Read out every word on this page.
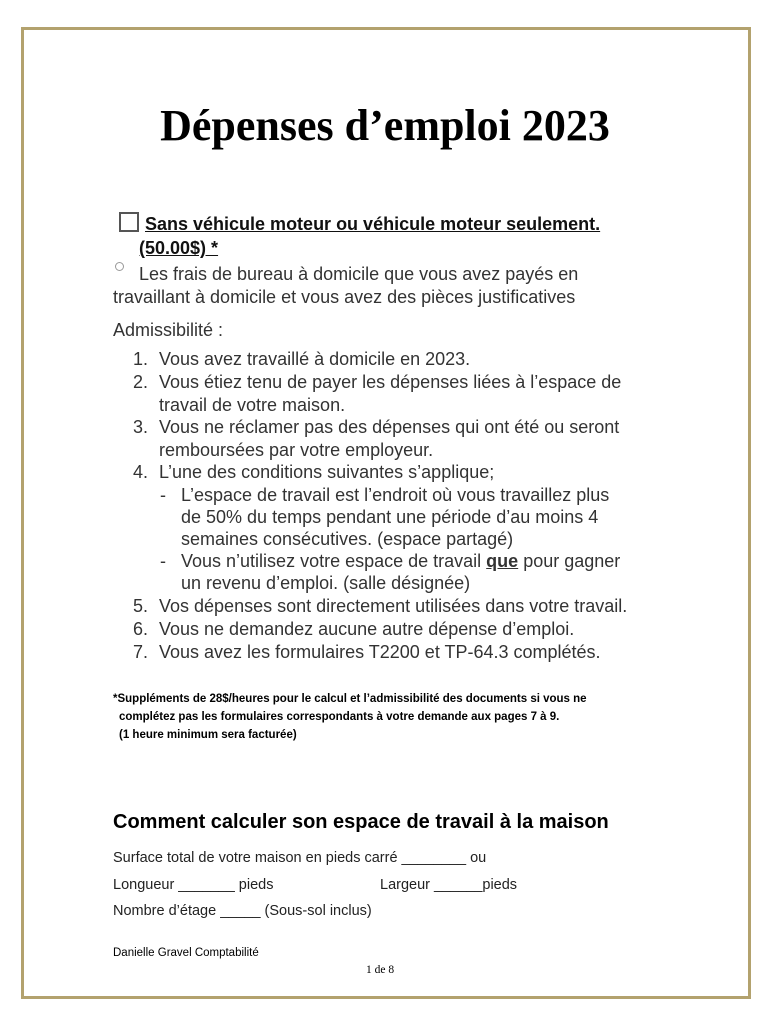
Dépenses d’emploi 2023
Sans véhicule moteur ou véhicule moteur seulement.
(50.00$) *
Les frais de bureau à domicile que vous avez payés en
travaillant à domicile et vous avez des pièces justificatives
Admissibilité :
1. Vous avez travaillé à domicile en 2023.
2. Vous étiez tenu de payer les dépenses liées à l’espace de
travail de votre maison.
3. Vous ne réclamer pas des dépenses qui ont été ou seront
remboursées par votre employeur.
4. L’une des conditions suivantes s’applique;
- L’espace de travail est l’endroit où vous travaillez plus
de 50% du temps pendant une période d’au moins 4
semaines consécutives. (espace partagé)
- Vous n’utilisez votre espace de travail que pour gagner
un revenu d’emploi. (salle désignée)
5. Vos dépenses sont directement utilisées dans votre travail.
6. Vous ne demandez aucune autre dépense d’emploi.
7. Vous avez les formulaires T2200 et TP-64.3 complétés.
*Suppléments de 28$/heures pour le calcul et l’admissibilité des documents si vous ne
complétez pas les formulaires correspondants à votre demande aux pages 7 à 9.
(1 heure minimum sera facturée)
Comment calculer son espace de travail à la maison
Surface total de votre maison en pieds carré ________ ou
Longueur _______ pieds	Largeur ______pieds
Nombre d’étage _____ (Sous-sol inclus)
Danielle Gravel Comptabilité
1 de 8
